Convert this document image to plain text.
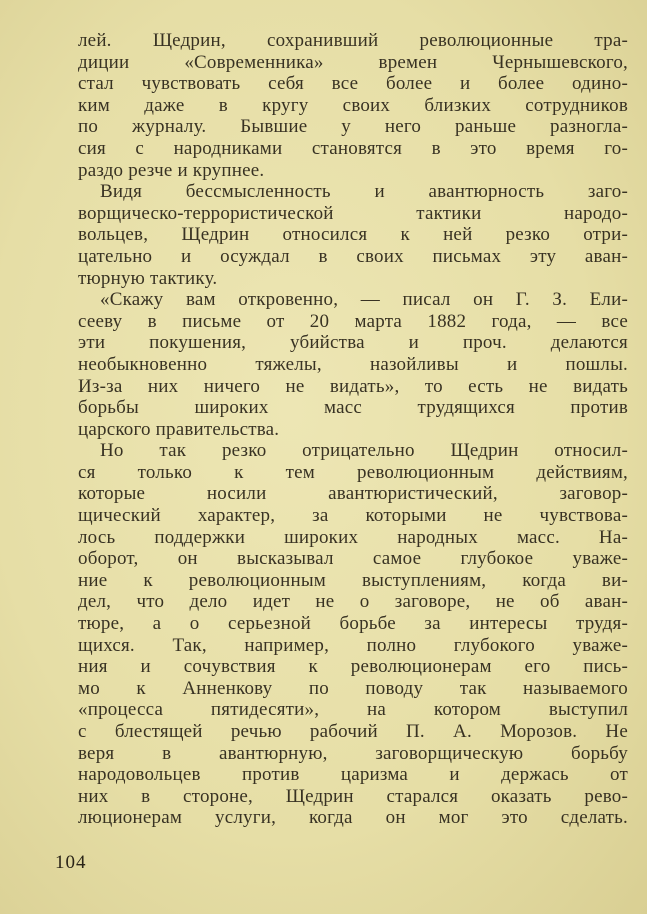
лей. Щедрин, сохранивший революционные тра-
диции «Современника» времен Чернышевского,
стал чувствовать себя все более и более одино-
ким даже в кругу своих близких сотрудников
по журналу. Бывшие у него раньше разногла-
сия с народниками становятся в это время го-
раздо резче и крупнее.
Видя бессмысленность и авантюрность заго-
ворщическо-террористической тактики народо-
вольцев, Щедрин относился к ней резко отри-
цательно и осуждал в своих письмах эту аван-
тюрную тактику.
«Скажу вам откровенно, — писал он Г. З. Ели-
сееву в письме от 20 марта 1882 года, — все
эти покушения, убийства и проч. делаются
необыкновенно тяжелы, назойливы и пошлы.
Из-за них ничего не видать», то есть не видать
борьбы широких масс трудящихся против
царского правительства.
Но так резко отрицательно Щедрин относил-
ся только к тем революционным действиям,
которые носили авантюристический, заговор-
щический характер, за которыми не чувствова-
лось поддержки широких народных масс. На-
оборот, он высказывал самое глубокое уваже-
ние к революционным выступлениям, когда ви-
дел, что дело идет не о заговоре, не об аван-
тюре, а о серьезной борьбе за интересы трудя-
щихся. Так, например, полно глубокого уваже-
ния и сочувствия к революционерам его пись-
мо к Анненкову по поводу так называемого
«процесса пятидесяти», на котором выступил
с блестящей речью рабочий П. А. Морозов. Не
веря в авантюрную, заговорщическую борьбу
народовольцев против царизма и держась от
них в стороне, Щедрин старался оказать рево-
люционерам услуги, когда он мог это сделать.
104
